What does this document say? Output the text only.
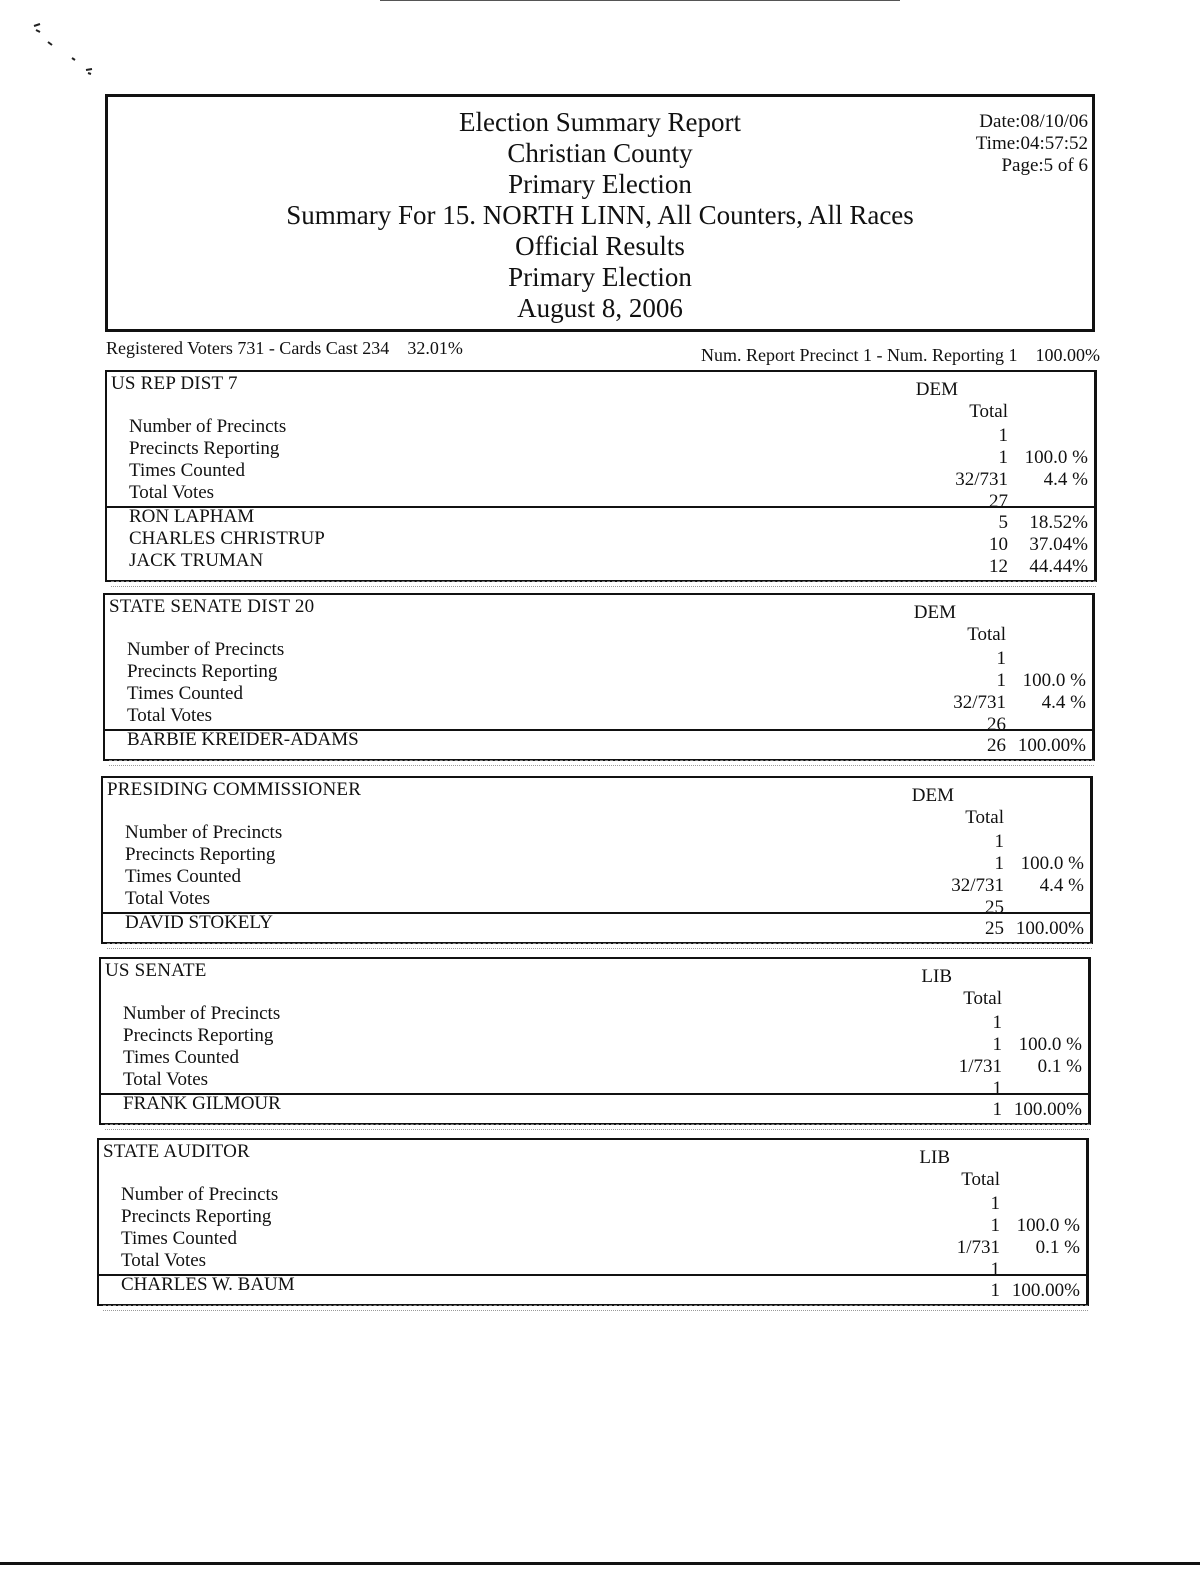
Election Summary Report
Christian County
Primary Election
Summary For 15. NORTH LINN, All Counters, All Races
Official Results
Primary Election
August 8, 2006
Date:08/10/06
Time:04:57:52
Page:5 of 6
Registered Voters 731 - Cards Cast 234 32.01%	Num. Report Precinct 1 - Num. Reporting 1 100.00%
US REP DIST 7	DEM
Total
Number of Precincts	1
Precincts Reporting	1 100.0 %
Times Counted	32/731 4.4 %
Total Votes	27
RON LAPHAM	5 18.52%
CHARLES CHRISTRUP	10 37.04%
JACK TRUMAN	12 44.44%
STATE SENATE DIST 20	DEM
Total
Number of Precincts	1
Precincts Reporting	1 100.0 %
Times Counted	32/731 4.4 %
Total Votes	26
BARBIE KREIDER-ADAMS	26 100.00%
PRESIDING COMMISSIONER	DEM
Total
Number of Precincts	1
Precincts Reporting	1 100.0 %
Times Counted	32/731 4.4 %
Total Votes	25
DAVID STOKELY	25 100.00%
US SENATE	LIB
Total
Number of Precincts	1
Precincts Reporting	1 100.0 %
Times Counted	1/731 0.1 %
Total Votes	1
FRANK GILMOUR	1 100.00%
STATE AUDITOR	LIB
Total
Number of Precincts	1
Precincts Reporting	1 100.0 %
Times Counted	1/731 0.1 %
Total Votes	1
CHARLES W. BAUM	1 100.00%
